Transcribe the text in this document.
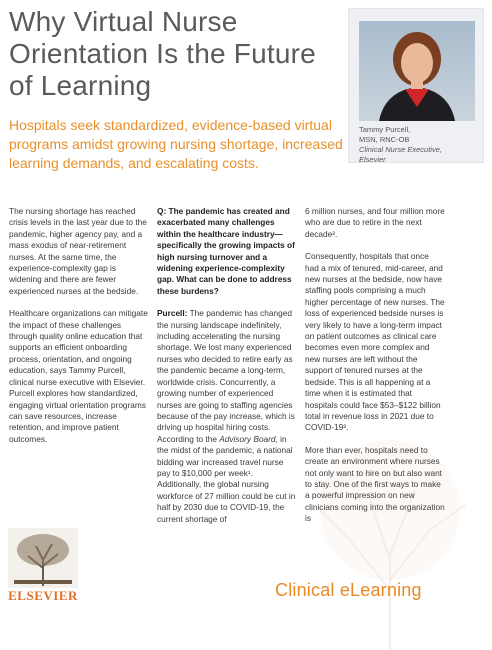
Why Virtual Nurse Orientation Is the Future of Learning
Hospitals seek standardized, evidence-based virtual programs amidst growing nursing shortage, increased learning demands, and escalating costs.
Tammy Purcell,
MSN, RNC-OB
Clinical Nurse Executive,
Elsevier

The nursing shortage has reached crisis levels in the last year due to the pandemic, higher agency pay, and a mass exodus of near-retirement nurses. At the same time, the experience-complexity gap is widening and there are fewer experienced nurses at the bedside.

Healthcare organizations can mitigate the impact of these challenges through quality online education that supports an efficient onboarding process, orientation, and ongoing education, says Tammy Purcell, clinical nurse executive with Elsevier. Purcell explores how standardized, engaging virtual orientation programs can save resources, increase retention, and improve patient outcomes.

Q: The pandemic has created and exacerbated many challenges within the healthcare industry—specifically the growing impacts of high nursing turnover and a widening experience-complexity gap. What can be done to address these burdens?

Purcell: The pandemic has changed the nursing landscape indefinitely, including accelerating the nursing shortage. We lost many experienced nurses who decided to retire early as the pandemic became a long-term, worldwide crisis. Concurrently, a growing number of experienced nurses are going to staffing agencies because of the pay increase, which is driving up hospital hiring costs. According to the Advisory Board, in the midst of the pandemic, a national bidding war increased travel nurse pay to $10,000 per week¹. Additionally, the global nursing workforce of 27 million could be cut in half by 2030 due to COVID-19, the current shortage of

6 million nurses, and four million more who are due to retire in the next decade².

Consequently, hospitals that once had a mix of tenured, mid-career, and new nurses at the bedside, now have staffing pools comprising a much higher percentage of new nurses. The loss of experienced bedside nurses is very likely to have a long-term impact on patient outcomes as clinical care becomes even more complex and new nurses are left without the support of tenured nurses at the bedside. This is all happening at a time when it is estimated that hospitals could face $53–$122 billion total in revenue loss in 2021 due to COVID-19³.

More than ever, hospitals need to create an environment where nurses not only want to hire on but also want to stay. One of the first ways to make a powerful impression on new clinicians coming into the organization is

ELSEVIER	Clinical eLearning
